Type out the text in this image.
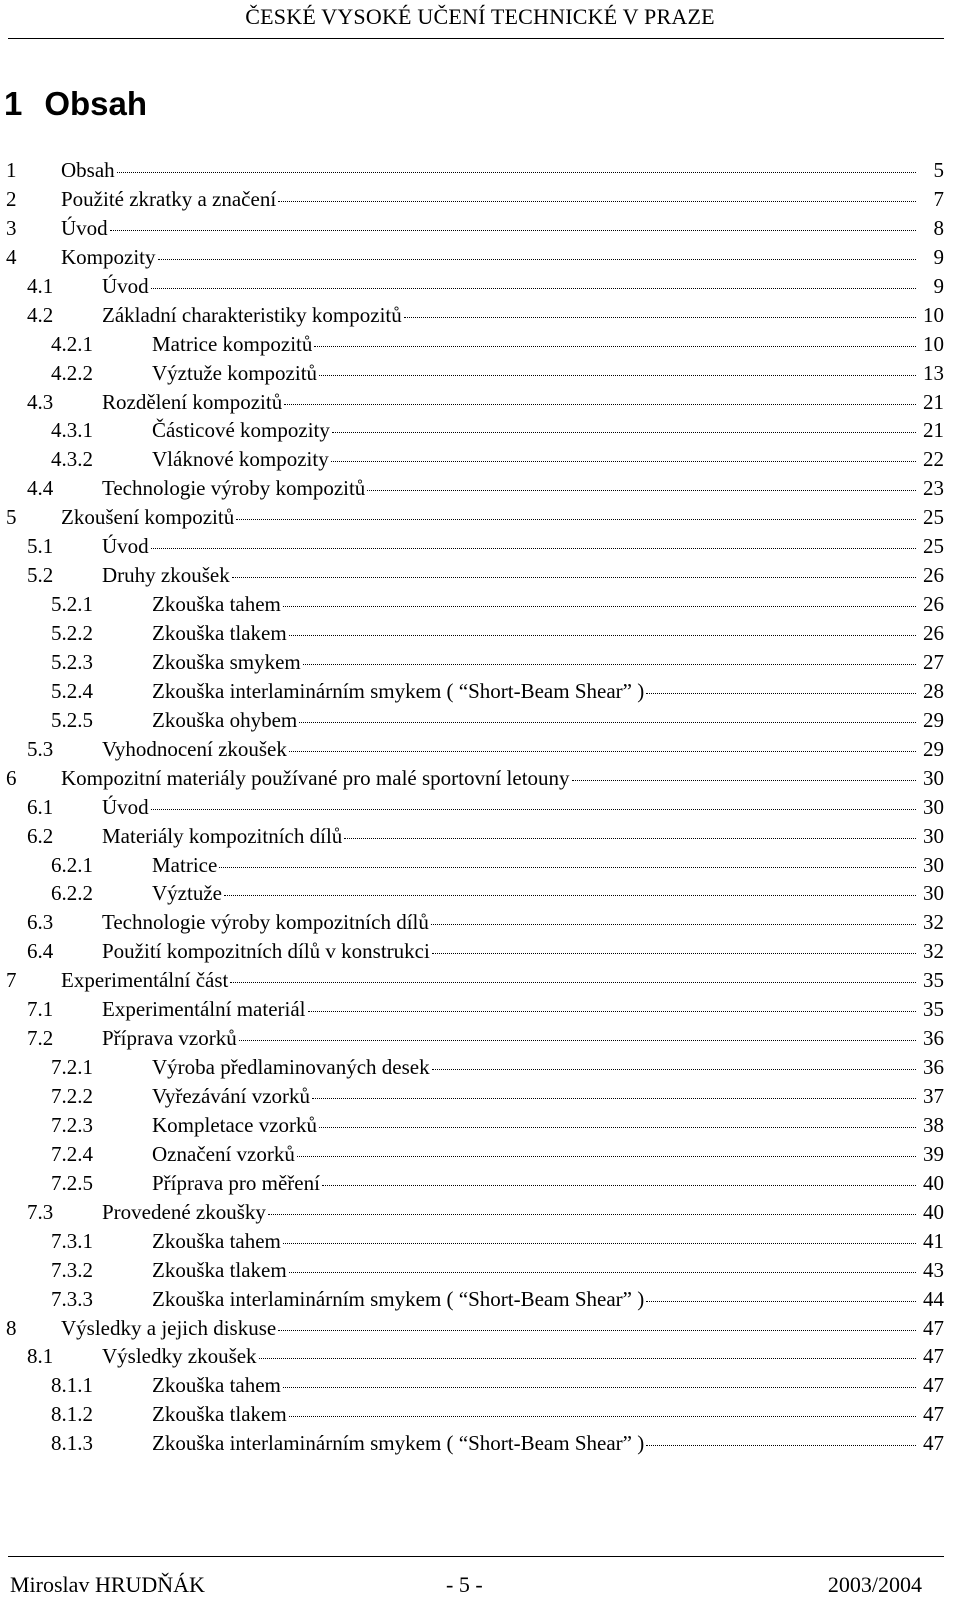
ČESKÉ VYSOKÉ UČENÍ TECHNICKÉ V PRAZE
1 Obsah
1 Obsah	5
2 Použité zkratky a značení	7
3 Úvod	8
4 Kompozity	9
4.1 Úvod	9
4.2 Základní charakteristiky kompozitů	10
4.2.1	Matrice kompozitů	10
4.2.2	Výztuže kompozitů	13
4.3 Rozdělení kompozitů	21
4.3.1	Částicové kompozity	21
4.3.2	Vláknové kompozity	22
4.4 Technologie výroby kompozitů	23
5 Zkoušení kompozitů	25
5.1 Úvod	25
5.2 Druhy zkoušek	26
5.2.1	Zkouška tahem	26
5.2.2	Zkouška tlakem	26
5.2.3	Zkouška smykem	27
5.2.4	Zkouška interlaminárním smykem ( “Short-Beam Shear” )	28
5.2.5	Zkouška ohybem	29
5.3 Vyhodnocení zkoušek	29
6 Kompozitní materiály používané pro malé sportovní letouny	30
6.1 Úvod	30
6.2 Materiály kompozitních dílů	30
6.2.1	Matrice	30
6.2.2	Výztuže	30
6.3 Technologie výroby kompozitních dílů	32
6.4 Použití kompozitních dílů v konstrukci	32
7 Experimentální část	35
7.1 Experimentální materiál	35
7.2 Příprava vzorků	36
7.2.1	Výroba předlaminovaných desek	36
7.2.2	Vyřezávání vzorků	37
7.2.3	Kompletace vzorků	38
7.2.4	Označení vzorků	39
7.2.5	Příprava pro měření	40
7.3 Provedené zkoušky	40
7.3.1	Zkouška tahem	41
7.3.2	Zkouška tlakem	43
7.3.3	Zkouška interlaminárním smykem ( “Short-Beam Shear” )	44
8 Výsledky a jejich diskuse	47
8.1 Výsledky zkoušek	47
8.1.1	Zkouška tahem	47
8.1.2	Zkouška tlakem	47
8.1.3	Zkouška interlaminárním smykem ( “Short-Beam Shear” )	47
Miroslav HRUDŇÁK	- 5 -	2003/2004
